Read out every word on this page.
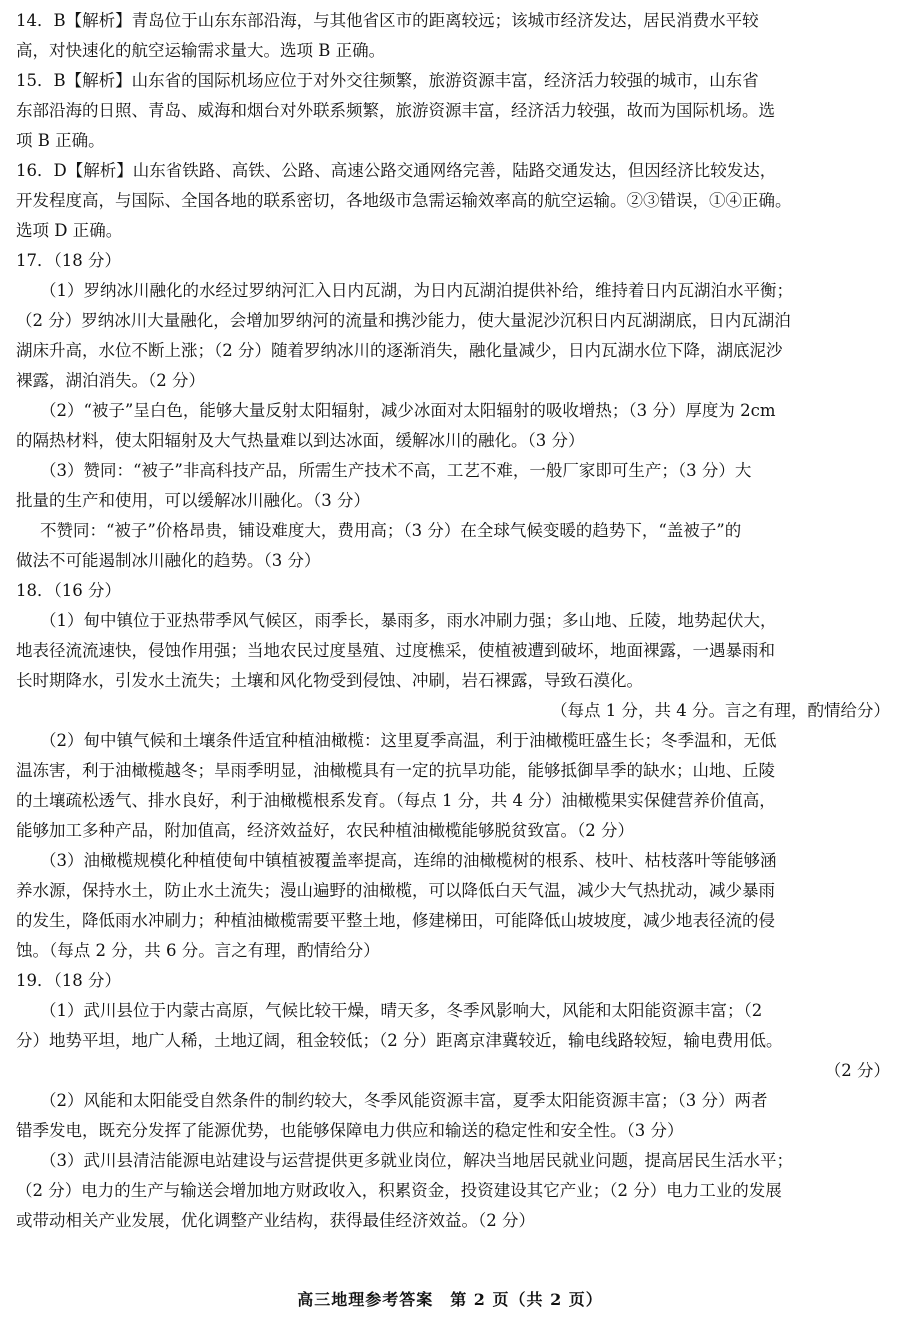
14．B【解析】青岛位于山东东部沿海，与其他省区市的距离较远；该城市经济发达，居民消费水平较
高，对快速化的航空运输需求量大。选项 B 正确。
15．B【解析】山东省的国际机场应位于对外交往频繁，旅游资源丰富，经济活力较强的城市，山东省
东部沿海的日照、青岛、威海和烟台对外联系频繁，旅游资源丰富，经济活力较强，故而为国际机场。选
项 B 正确。
16．D【解析】山东省铁路、高铁、公路、高速公路交通网络完善，陆路交通发达，但因经济比较发达，
开发程度高，与国际、全国各地的联系密切，各地级市急需运输效率高的航空运输。②③错误，①④正确。
选项 D 正确。
17．（18 分）
（1）罗纳冰川融化的水经过罗纳河汇入日内瓦湖，为日内瓦湖泊提供补给，维持着日内瓦湖泊水平衡；
（2 分）罗纳冰川大量融化，会增加罗纳河的流量和携沙能力，使大量泥沙沉积日内瓦湖湖底，日内瓦湖泊
湖床升高，水位不断上涨；（2 分）随着罗纳冰川的逐渐消失，融化量减少，日内瓦湖水位下降，湖底泥沙
裸露，湖泊消失。（2 分）
（2）“被子”呈白色，能够大量反射太阳辐射，减少冰面对太阳辐射的吸收增热；（3 分）厚度为 2cm
的隔热材料，使太阳辐射及大气热量难以到达冰面，缓解冰川的融化。（3 分）
（3）赞同：“被子”非高科技产品，所需生产技术不高，工艺不难，一般厂家即可生产；（3 分）大
批量的生产和使用，可以缓解冰川融化。（3 分）
不赞同：“被子”价格昂贵，铺设难度大，费用高；（3 分）在全球气候变暖的趋势下，“盖被子”的
做法不可能遏制冰川融化的趋势。（3 分）
18．（16 分）
（1）甸中镇位于亚热带季风气候区，雨季长，暴雨多，雨水冲刷力强；多山地、丘陵，地势起伏大，
地表径流流速快，侵蚀作用强；当地农民过度垦殖、过度樵采，使植被遭到破坏，地面裸露，一遇暴雨和
长时期降水，引发水土流失；土壤和风化物受到侵蚀、冲刷，岩石裸露，导致石漠化。
（每点 1 分，共 4 分。言之有理，酌情给分）
（2）甸中镇气候和土壤条件适宜种植油橄榄：这里夏季高温，利于油橄榄旺盛生长；冬季温和，无低
温冻害，利于油橄榄越冬；旱雨季明显，油橄榄具有一定的抗旱功能，能够抵御旱季的缺水；山地、丘陵
的土壤疏松透气、排水良好，利于油橄榄根系发育。（每点 1 分，共 4 分）油橄榄果实保健营养价值高，
能够加工多种产品，附加值高，经济效益好，农民种植油橄榄能够脱贫致富。（2 分）
（3）油橄榄规模化种植使甸中镇植被覆盖率提高，连绵的油橄榄树的根系、枝叶、枯枝落叶等能够涵
养水源，保持水土，防止水土流失；漫山遍野的油橄榄，可以降低白天气温，减少大气热扰动，减少暴雨
的发生，降低雨水冲刷力；种植油橄榄需要平整土地，修建梯田，可能降低山坡坡度，减少地表径流的侵
蚀。（每点 2 分，共 6 分。言之有理，酌情给分）
19．（18 分）
（1）武川县位于内蒙古高原，气候比较干燥，晴天多，冬季风影响大，风能和太阳能资源丰富；（2
分）地势平坦，地广人稀，土地辽阔，租金较低；（2 分）距离京津冀较近，输电线路较短，输电费用低。
（2 分）
（2）风能和太阳能受自然条件的制约较大，冬季风能资源丰富，夏季太阳能资源丰富；（3 分）两者
错季发电，既充分发挥了能源优势，也能够保障电力供应和输送的稳定性和安全性。（3 分）
（3）武川县清洁能源电站建设与运营提供更多就业岗位，解决当地居民就业问题，提高居民生活水平；
（2 分）电力的生产与输送会增加地方财政收入，积累资金，投资建设其它产业；（2 分）电力工业的发展
或带动相关产业发展，优化调整产业结构，获得最佳经济效益。（2 分）
高三地理参考答案　第 2 页（共 2 页）
